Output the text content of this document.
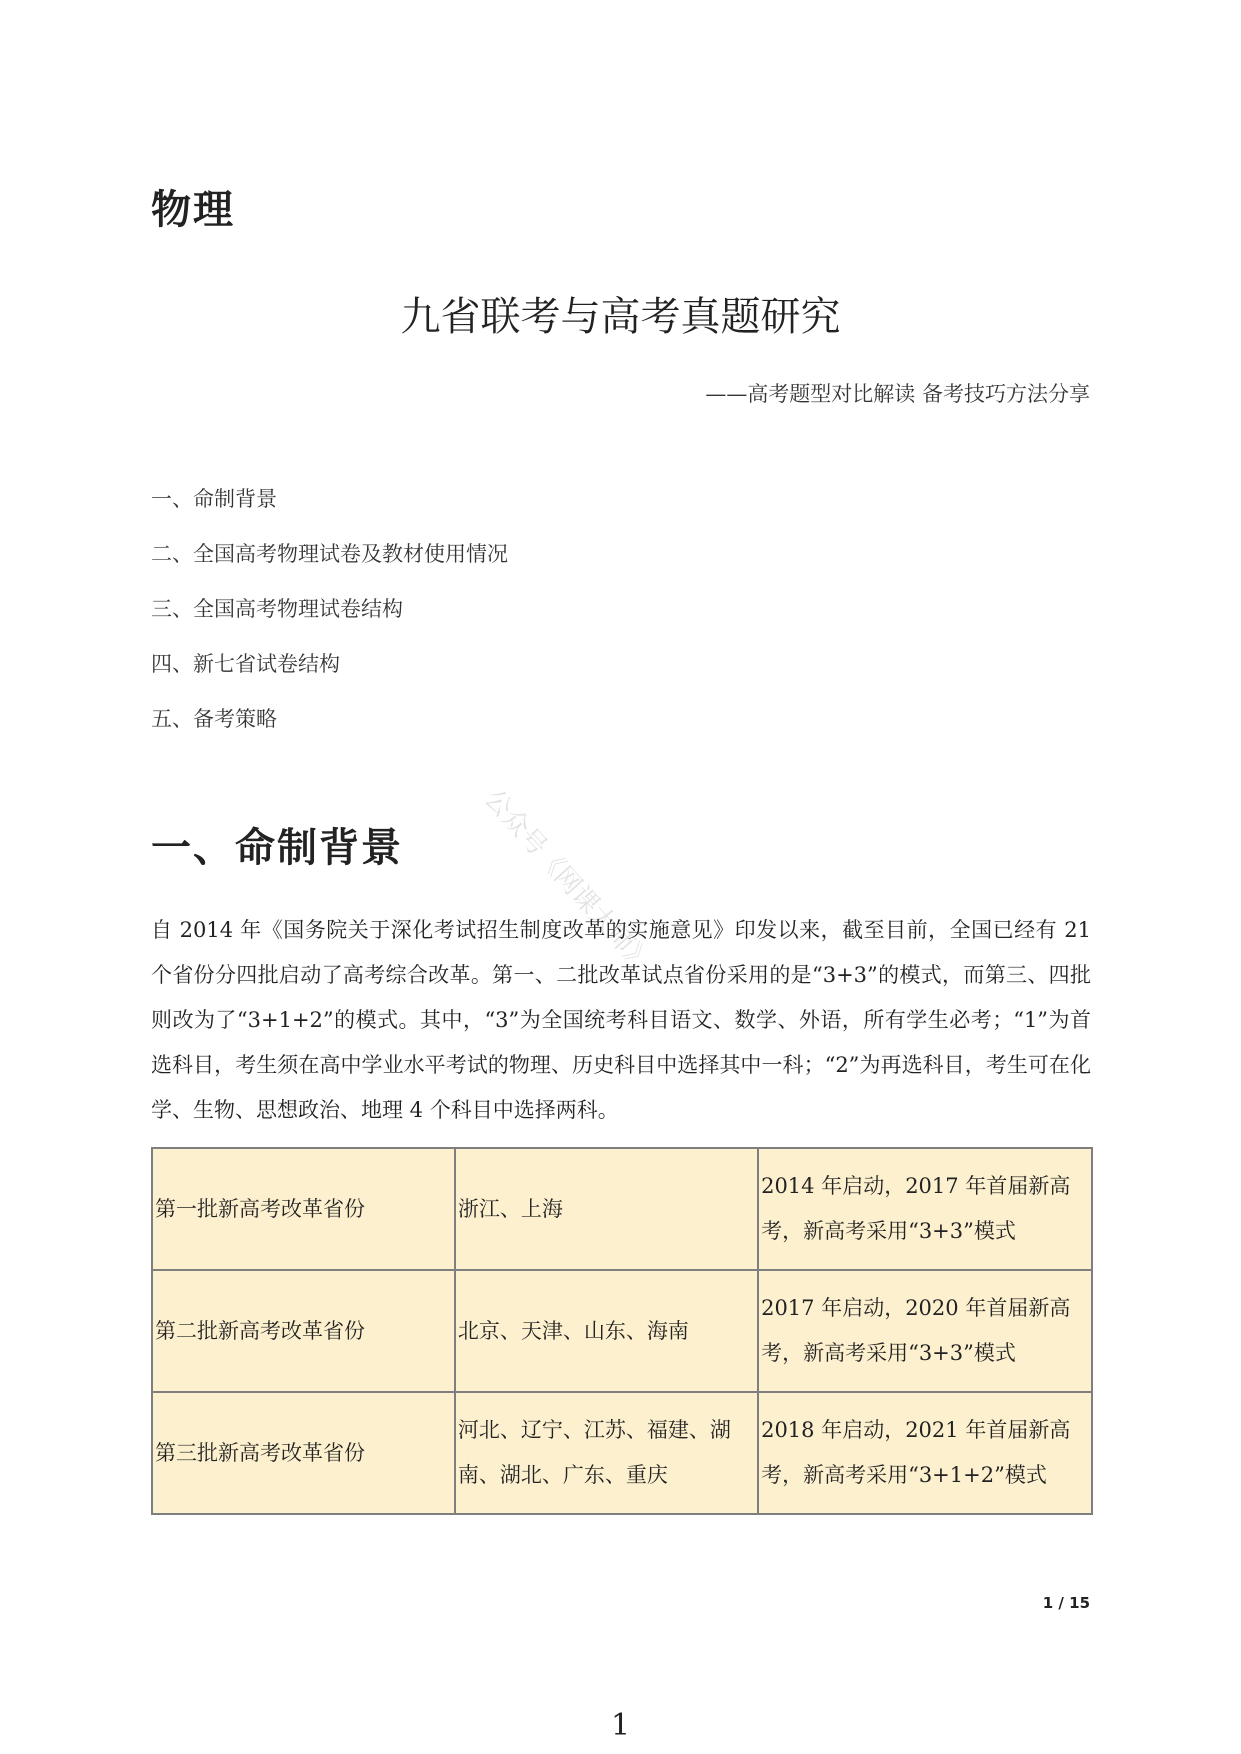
物理
九省联考与高考真题研究
——高考题型对比解读 备考技巧方法分享
一、命制背景
二、全国高考物理试卷及教材使用情况
三、全国高考物理试卷结构
四、新七省试卷结构
五、备考策略
公众号《网课大师》
一、命制背景

自 2014 年《国务院关于深化考试招生制度改革的实施意见》印发以来，截至目前，全国已经有 21 个省份分四批启动了高考综合改革。第一、二批改革试点省份采用的是“3+3”的模式，而第三、四批则改为了“3+1+2”的模式。其中，“3”为全国统考科目语文、数学、外语，所有学生必考；“1”为首选科目，考生须在高中学业水平考试的物理、历史科目中选择其中一科；“2”为再选科目，考生可在化学、生物、思想政治、地理 4 个科目中选择两科。

第一批新高考改革省份	浙江、上海	2014 年启动，2017 年首届新高考，新高考采用“3+3”模式
第二批新高考改革省份	北京、天津、山东、海南	2017 年启动，2020 年首届新高考，新高考采用“3+3”模式
第三批新高考改革省份	河北、辽宁、江苏、福建、湖南、湖北、广东、重庆	2018 年启动，2021 年首届新高考，新高考采用“3+1+2”模式
1 / 15
1
